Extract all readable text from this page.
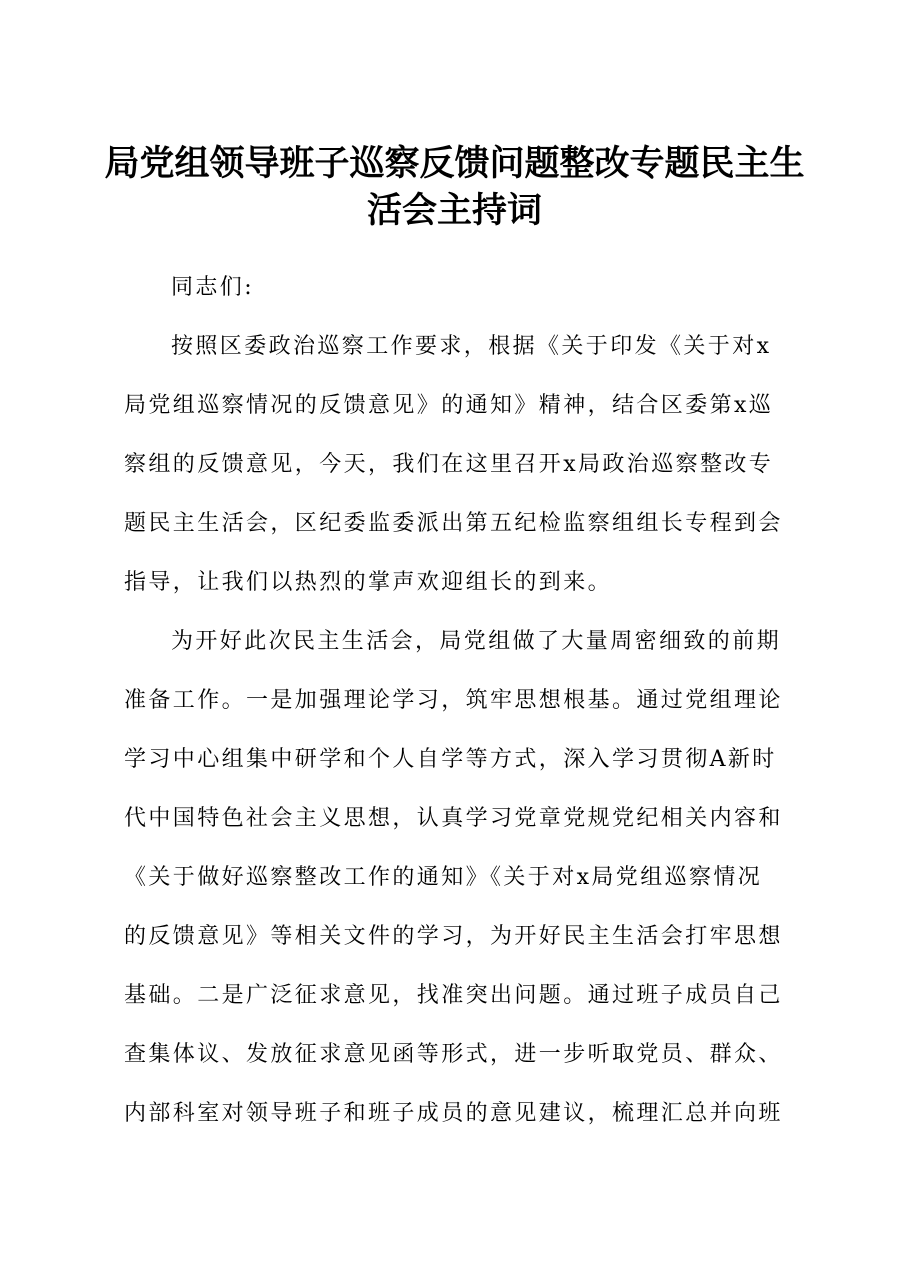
局党组领导班子巡察反馈问题整改专题民主生
活会主持词
同志们:
按照区委政治巡察工作要求，根据《关于印发《关于对x
局党组巡察情况的反馈意见》的通知》精神，结合区委第x巡
察组的反馈意见，今天，我们在这里召开x局政治巡察整改专
题民主生活会，区纪委监委派出第五纪检监察组组长专程到会
指导，让我们以热烈的掌声欢迎组长的到来。
为开好此次民主生活会，局党组做了大量周密细致的前期
准备工作。一是加强理论学习，筑牢思想根基。通过党组理论
学习中心组集中研学和个人自学等方式，深入学习贯彻A新时
代中国特色社会主义思想，认真学习党章党规党纪相关内容和
《关于做好巡察整改工作的通知》《关于对x局党组巡察情况
的反馈意见》等相关文件的学习，为开好民主生活会打牢思想
基础。二是广泛征求意见，找准突出问题。通过班子成员自己
查集体议、发放征求意见函等形式，进一步听取党员、群众、
内部科室对领导班子和班子成员的意见建议，梳理汇总并向班
